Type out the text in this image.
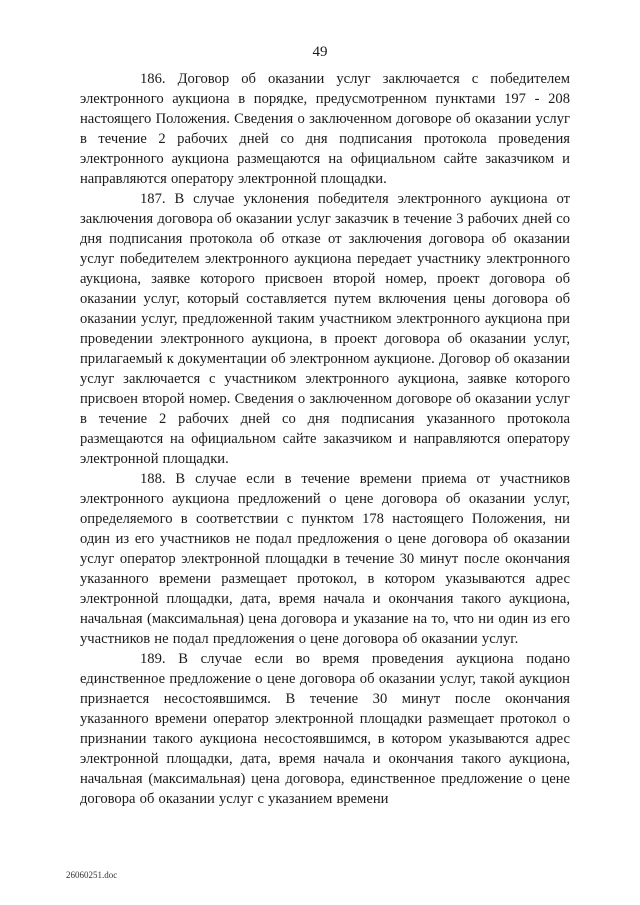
49

186. Договор об оказании услуг заключается с победителем электронного аукциона в порядке, предусмотренном пунктами 197 - 208 настоящего Положения. Сведения о заключенном договоре об оказании услуг в течение 2 рабочих дней со дня подписания протокола проведения электронного аукциона размещаются на официальном сайте заказчиком и направляются оператору электронной площадки.

187. В случае уклонения победителя электронного аукциона от заключения договора об оказании услуг заказчик в течение 3 рабочих дней со дня подписания протокола об отказе от заключения договора об оказании услуг победителем электронного аукциона передает участнику электронного аукциона, заявке которого присвоен второй номер, проект договора об оказании услуг, который составляется путем включения цены договора об оказании услуг, предложенной таким участником электронного аукциона при проведении электронного аукциона, в проект договора об оказании услуг, прилагаемый к документации об электронном аукционе. Договор об оказании услуг заключается с участником электронного аукциона, заявке которого присвоен второй номер. Сведения о заключенном договоре об оказании услуг в течение 2 рабочих дней со дня подписания указанного протокола размещаются на официальном сайте заказчиком и направляются оператору электронной площадки.

188. В случае если в течение времени приема от участников электронного аукциона предложений о цене договора об оказании услуг, определяемого в соответствии с пунктом 178 настоящего Положения, ни один из его участников не подал предложения о цене договора об оказании услуг оператор электронной площадки в течение 30 минут после окончания указанного времени размещает протокол, в котором указываются адрес электронной площадки, дата, время начала и окончания такого аукциона, начальная (максимальная) цена договора и указание на то, что ни один из его участников не подал предложения о цене договора об оказании услуг.

189. В случае если во время проведения аукциона подано единственное предложение о цене договора об оказании услуг, такой аукцион признается несостоявшимся. В течение 30 минут после окончания указанного времени оператор электронной площадки размещает протокол о признании такого аукциона несостоявшимся, в котором указываются адрес электронной площадки, дата, время начала и окончания такого аукциона, начальная (максимальная) цена договора, единственное предложение о цене договора об оказании услуг с указанием времени

26060251.doc
